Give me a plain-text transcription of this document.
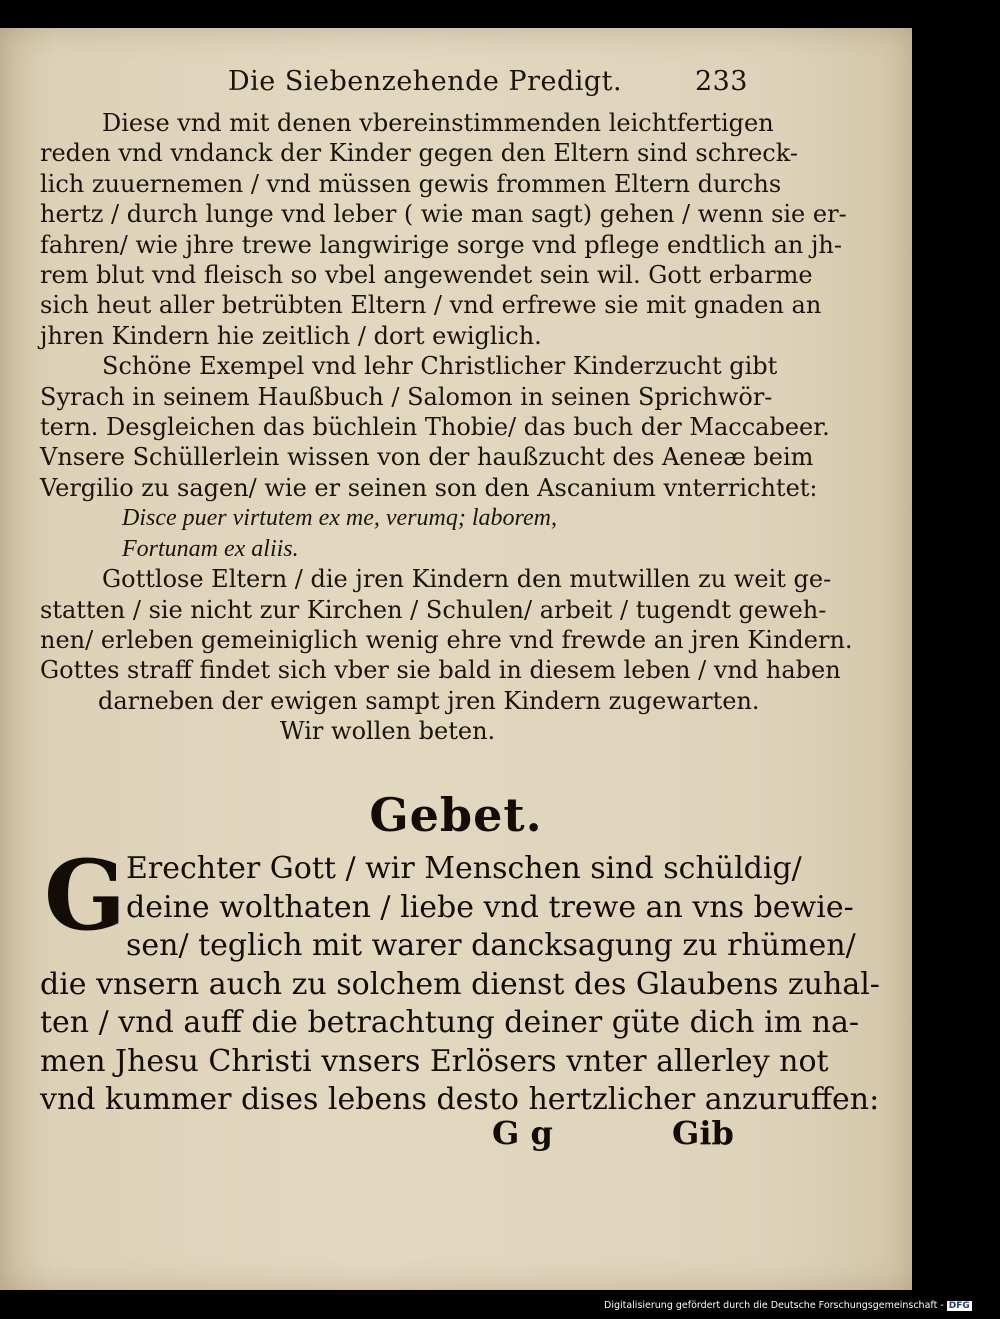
Die Siebenzehende Predigt.	233
Diese vnd mit denen vbereinstimmenden leichtfertigen
reden vnd vndanck der Kinder gegen den Eltern sind schreck-
lich zuuernemen / vnd müssen gewis frommen Eltern durchs
hertz / durch lunge vnd leber ( wie man sagt) gehen / wenn sie er-
fahren/ wie jhre trewe langwirige sorge vnd pflege endtlich an jh-
rem blut vnd fleisch so vbel angewendet sein wil. Gott erbarme
sich heut aller betrübten Eltern / vnd erfrewe sie mit gnaden an
jhren Kindern hie zeitlich / dort ewiglich.
Schöne Exempel vnd lehr Christlicher Kinderzucht gibt
Syrach in seinem Haußbuch / Salomon in seinen Sprichwör-
tern. Desgleichen das büchlein Thobie/ das buch der Maccabeer.
Vnsere Schüllerlein wissen von der haußzucht des Aeneæ beim
Vergilio zu sagen/ wie er seinen son den Ascanium vnterrichtet:
Disce puer virtutem ex me, verumq; laborem,
Fortunam ex aliis.
Gottlose Eltern / die jren Kindern den mutwillen zu weit ge-
statten / sie nicht zur Kirchen / Schulen/ arbeit / tugendt geweh-
nen/ erleben gemeiniglich wenig ehre vnd frewde an jren Kindern.
Gottes straff findet sich vber sie bald in diesem leben / vnd haben
darneben der ewigen sampt jren Kindern zugewarten.
Wir wollen beten.
Gebet.
G Erechter Gott / wir Menschen sind schüldig/
deine wolthaten / liebe vnd trewe an vns bewie-
sen/ teglich mit warer dancksagung zu rhümen/
die vnsern auch zu solchem dienst des Glaubens zuhal-
ten / vnd auff die betrachtung deiner güte dich im na-
men Jhesu Christi vnsers Erlösers vnter allerley not
vnd kummer dises lebens desto hertzlicher anzuruffen:
G g	Gib
Digitalisierung gefördert durch die Deutsche Forschungsgemeinschaft - DFG
